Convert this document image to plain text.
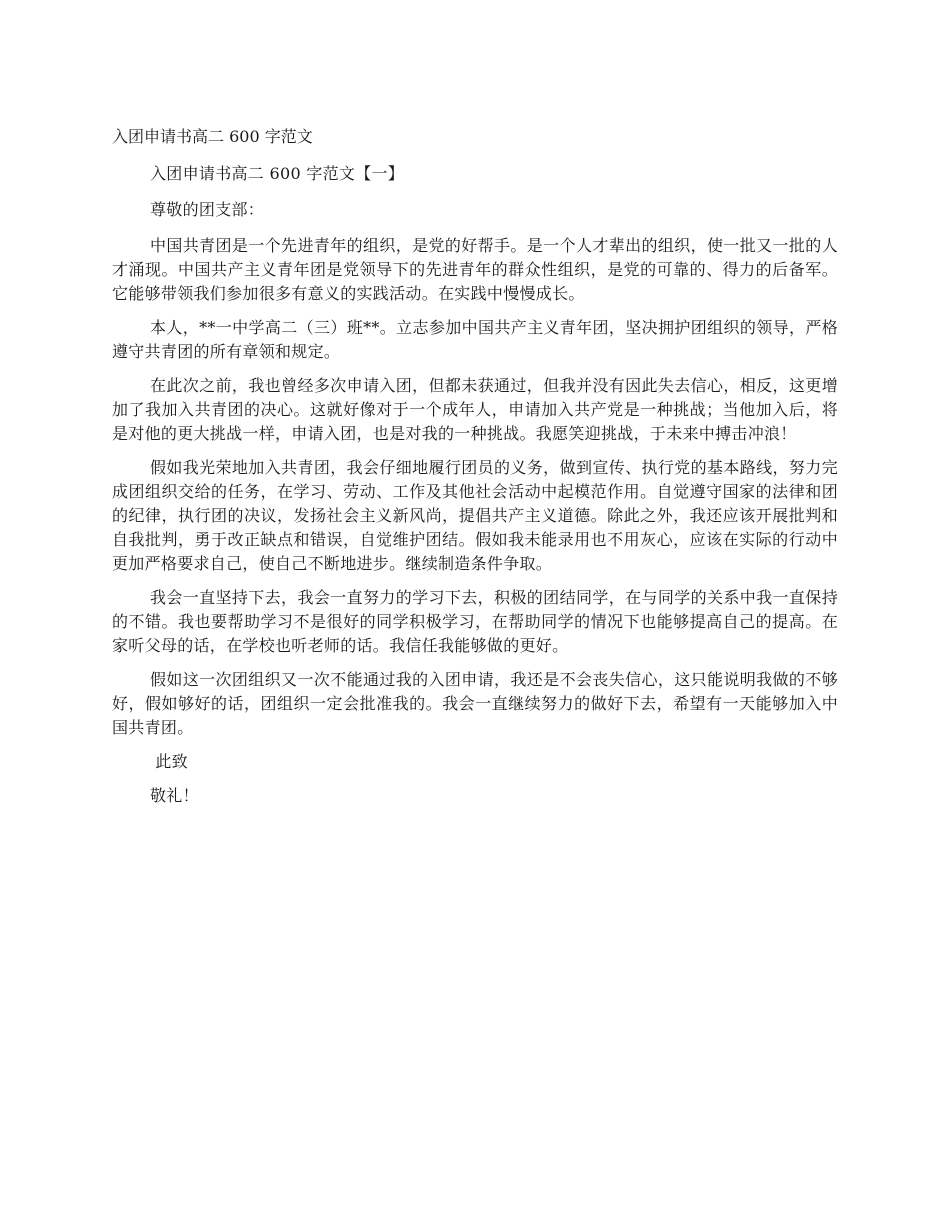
入团申请书高二 600 字范文

入团申请书高二 600 字范文【一】

尊敬的团支部：

中国共青团是一个先进青年的组织，是党的好帮手。是一个人才辈出的组织，使一批又一批的人才涌现。中国共产主义青年团是党领导下的先进青年的群众性组织，是党的可靠的、得力的后备军。它能够带领我们参加很多有意义的实践活动。在实践中慢慢成长。

本人，**一中学高二（三）班**。立志参加中国共产主义青年团，坚决拥护团组织的领导，严格遵守共青团的所有章领和规定。

在此次之前，我也曾经多次申请入团，但都未获通过，但我并没有因此失去信心，相反，这更增加了我加入共青团的决心。这就好像对于一个成年人，申请加入共产党是一种挑战；当他加入后，将是对他的更大挑战一样，申请入团，也是对我的一种挑战。我愿笑迎挑战，于未来中搏击冲浪！

假如我光荣地加入共青团，我会仔细地履行团员的义务，做到宣传、执行党的基本路线，努力完成团组织交给的任务，在学习、劳动、工作及其他社会活动中起模范作用。自觉遵守国家的法律和团的纪律，执行团的决议，发扬社会主义新风尚，提倡共产主义道德。除此之外，我还应该开展批判和自我批判，勇于改正缺点和错误，自觉维护团结。假如我未能录用也不用灰心，应该在实际的行动中更加严格要求自己，使自己不断地进步。继续制造条件争取。

我会一直坚持下去，我会一直努力的学习下去，积极的团结同学，在与同学的关系中我一直保持的不错。我也要帮助学习不是很好的同学积极学习，在帮助同学的情况下也能够提高自己的提高。在家听父母的话，在学校也听老师的话。我信任我能够做的更好。

假如这一次团组织又一次不能通过我的入团申请，我还是不会丧失信心，这只能说明我做的不够好，假如够好的话，团组织一定会批准我的。我会一直继续努力的做好下去，希望有一天能够加入中国共青团。

此致

敬礼！
